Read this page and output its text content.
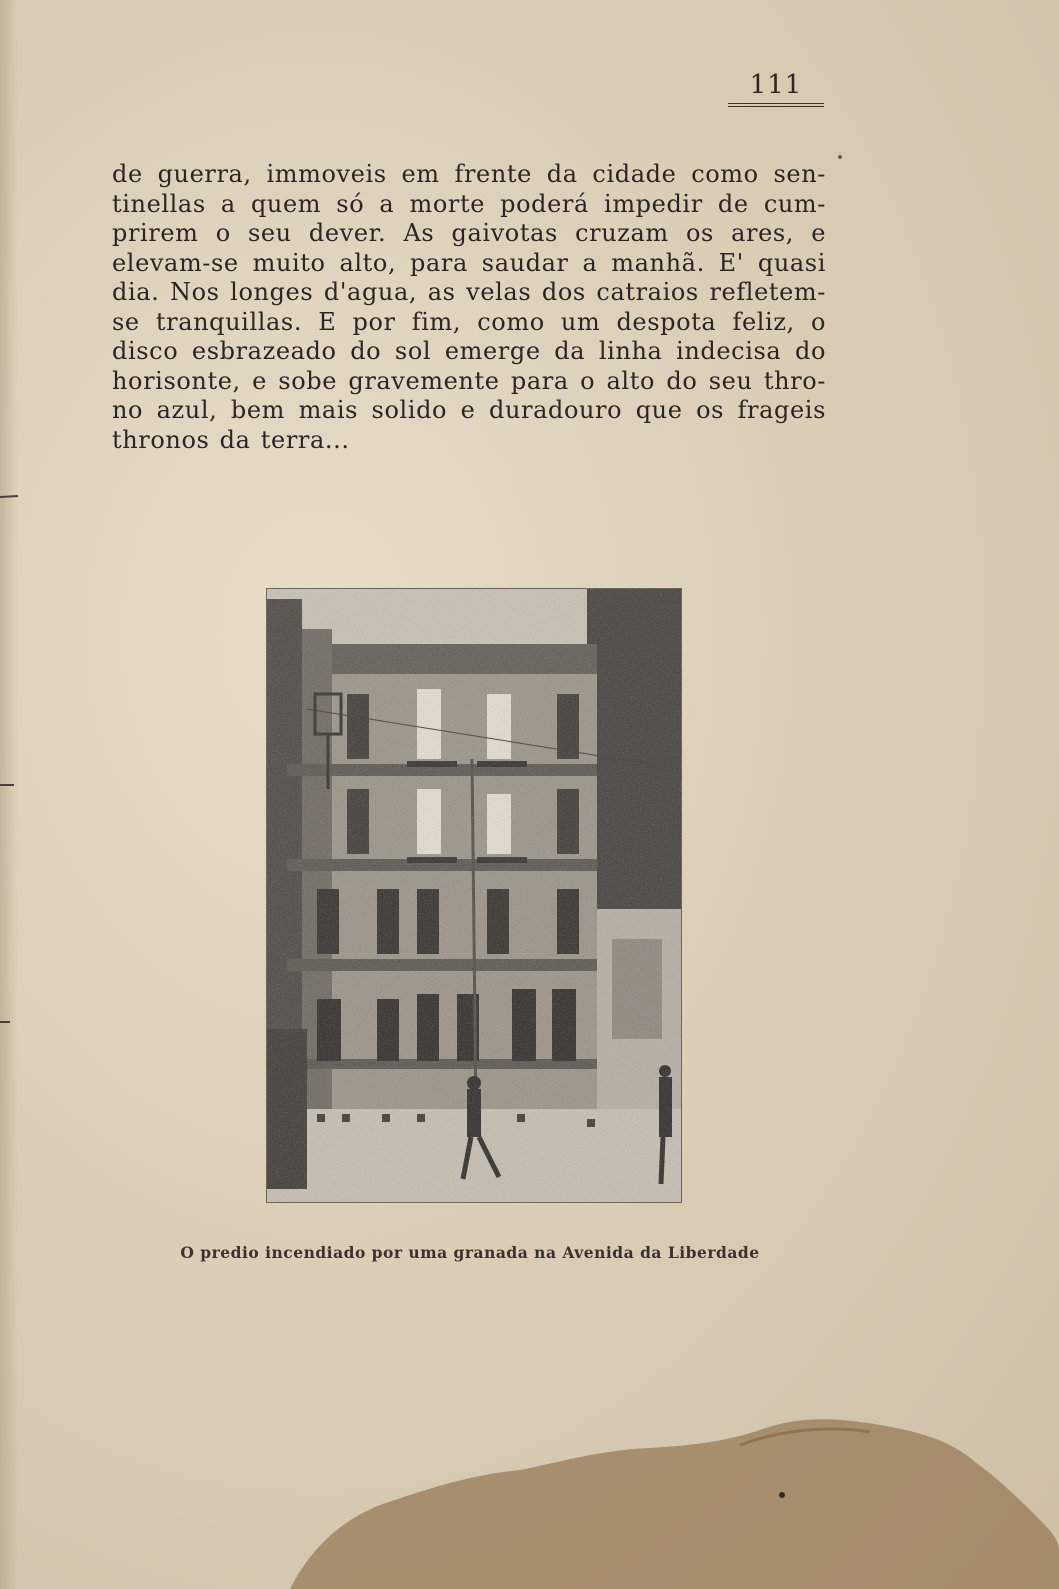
111

de guerra, immoveis em frente da cidade como sen-
tinellas a quem só a morte poderá impedir de cum-
prirem o seu dever. As gaivotas cruzam os ares, e
elevam-se muito alto, para saudar a manhã. E' quasi
dia. Nos longes d'agua, as velas dos catraios refletem-
se tranquillas. E por fim, como um despota feliz, o
disco esbrazeado do sol emerge da linha indecisa do
horisonte, e sobe gravemente para o alto do seu thro-
no azul, bem mais solido e duradouro que os frageis
thronos da terra...

O predio incendiado por uma granada na Avenida da Liberdade
